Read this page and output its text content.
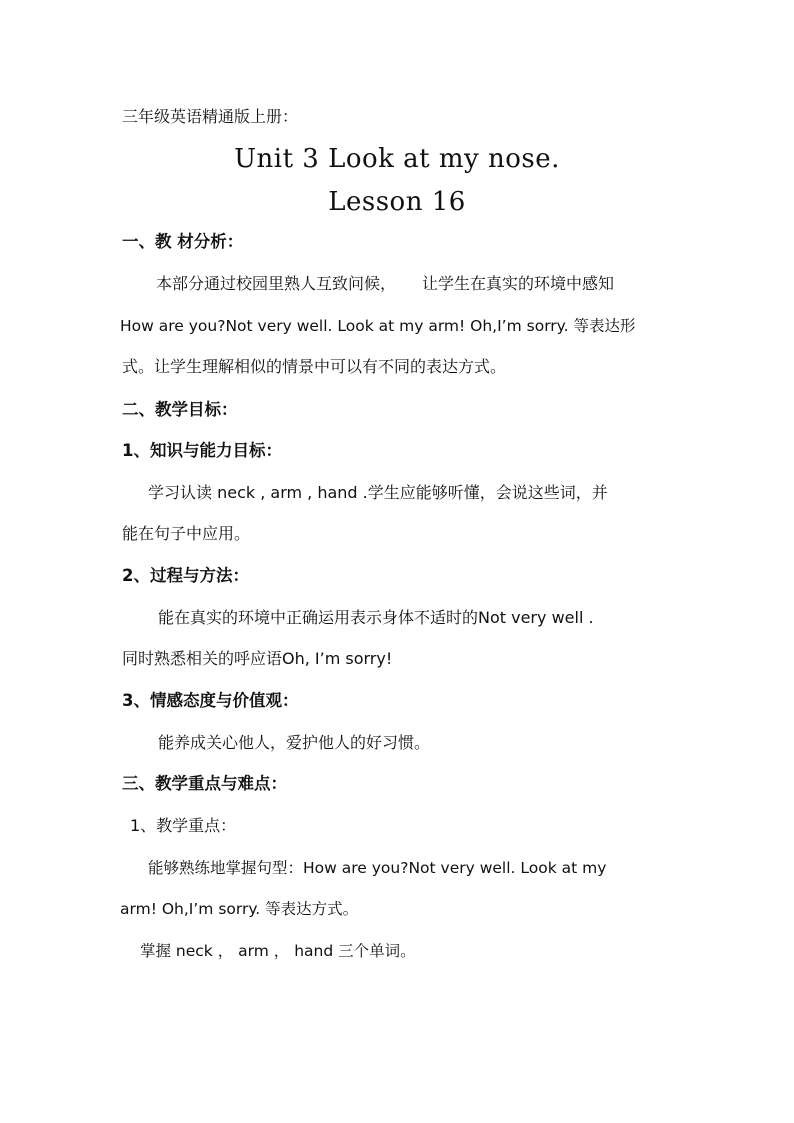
三年级英语精通版上册：
Unit 3 Look at my nose.
Lesson 16
一、教 材分析：
本部分通过校园里熟人互致问候， 让学生在真实的环境中感知
How are you?Not very well. Look at my arm! Oh,I’m sorry. 等表达形
式。让学生理解相似的情景中可以有不同的表达方式。
二、教学目标：
1、知识与能力目标：
学习认读 neck , arm , hand .学生应能够听懂，会说这些词，并
能在句子中应用。
2、过程与方法：
能在真实的环境中正确运用表示身体不适时的Not very well .
同时熟悉相关的呼应语Oh, I’m sorry!
3、情感态度与价值观：
能养成关心他人，爱护他人的好习惯。
三、教学重点与难点：
1、教学重点：
能够熟练地掌握句型：How are you?Not very well. Look at my
arm! Oh,I’m sorry. 等表达方式。
掌握 neck ， arm ， hand 三个单词。
